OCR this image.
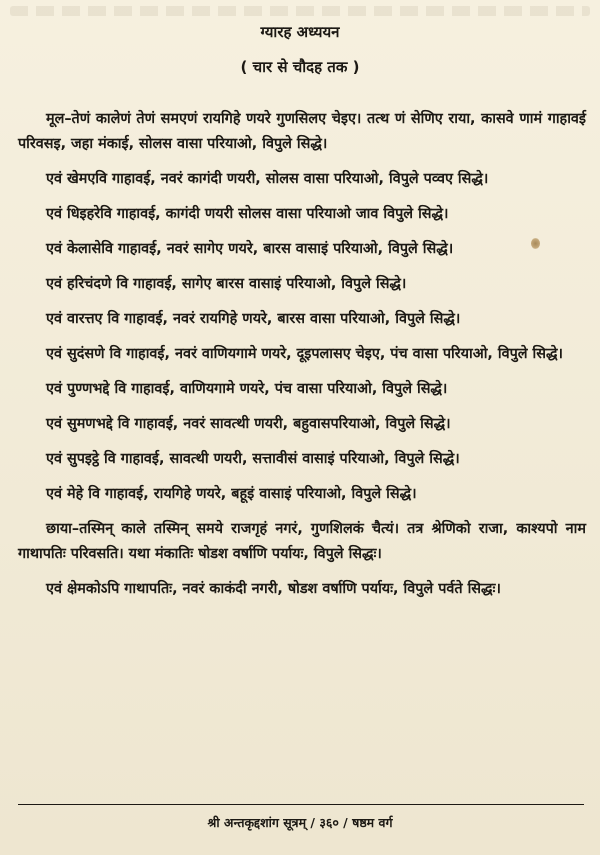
ग्यारह अध्ययन
( चार से चौदह तक )

मूल–तेणं कालेणं तेणं समएणं रायगिहे णयरे गुणसिलए चेइए। तत्थ णं सेणिए राया, कासवे णामं गाहावई परिवसइ, जहा मंकाई, सोलस वासा परियाओ, विपुले सिद्धे।

एवं खेमएवि गाहावई, नवरं कागंदी णयरी, सोलस वासा परियाओ, विपुले पव्वए सिद्धे।

एवं धिइहरेवि गाहावई, कागंदी णयरी सोलस वासा परियाओ जाव विपुले सिद्धे।

एवं केलासेवि गाहावई, नवरं सागेए णयरे, बारस वासाइं परियाओ, विपुले सिद्धे।

एवं हरिचंदणे वि गाहावई, सागेए बारस वासाइं परियाओ, विपुले सिद्धे।

एवं वारत्तए वि गाहावई, नवरं रायगिहे णयरे, बारस वासा परियाओ, विपुले सिद्धे।

एवं सुदंसणे वि गाहावई, नवरं वाणियगामे णयरे, दूइपलासए चेइए, पंच वासा परियाओ, विपुले सिद्धे।

एवं पुण्णभद्दे वि गाहावई, वाणियगामे णयरे, पंच वासा परियाओ, विपुले सिद्धे।

एवं सुमणभद्दे वि गाहावई, नवरं सावत्थी णयरी, बहुवासपरियाओ, विपुले सिद्धे।

एवं सुपइट्ठे वि गाहावई, सावत्थी णयरी, सत्तावीसं वासाइं परियाओ, विपुले सिद्धे।

एवं मेहे वि गाहावई, रायगिहे णयरे, बहूइं वासाइं परियाओ, विपुले सिद्धे।

छाया–तस्मिन् काले तस्मिन् समये राजगृहं नगरं, गुणशिलकं चैत्यं। तत्र श्रेणिको राजा, काश्यपो नाम गाथापतिः परिवसति। यथा मंकातिः षोडश वर्षाणि पर्यायः, विपुले सिद्धः।

एवं क्षेमकोऽपि गाथापतिः, नवरं काकंदी नगरी, षोडश वर्षाणि पर्यायः, विपुले पर्वते सिद्धः।

श्री अन्तकृद्दशांग सूत्रम् / ३६० / षष्ठम वर्ग
